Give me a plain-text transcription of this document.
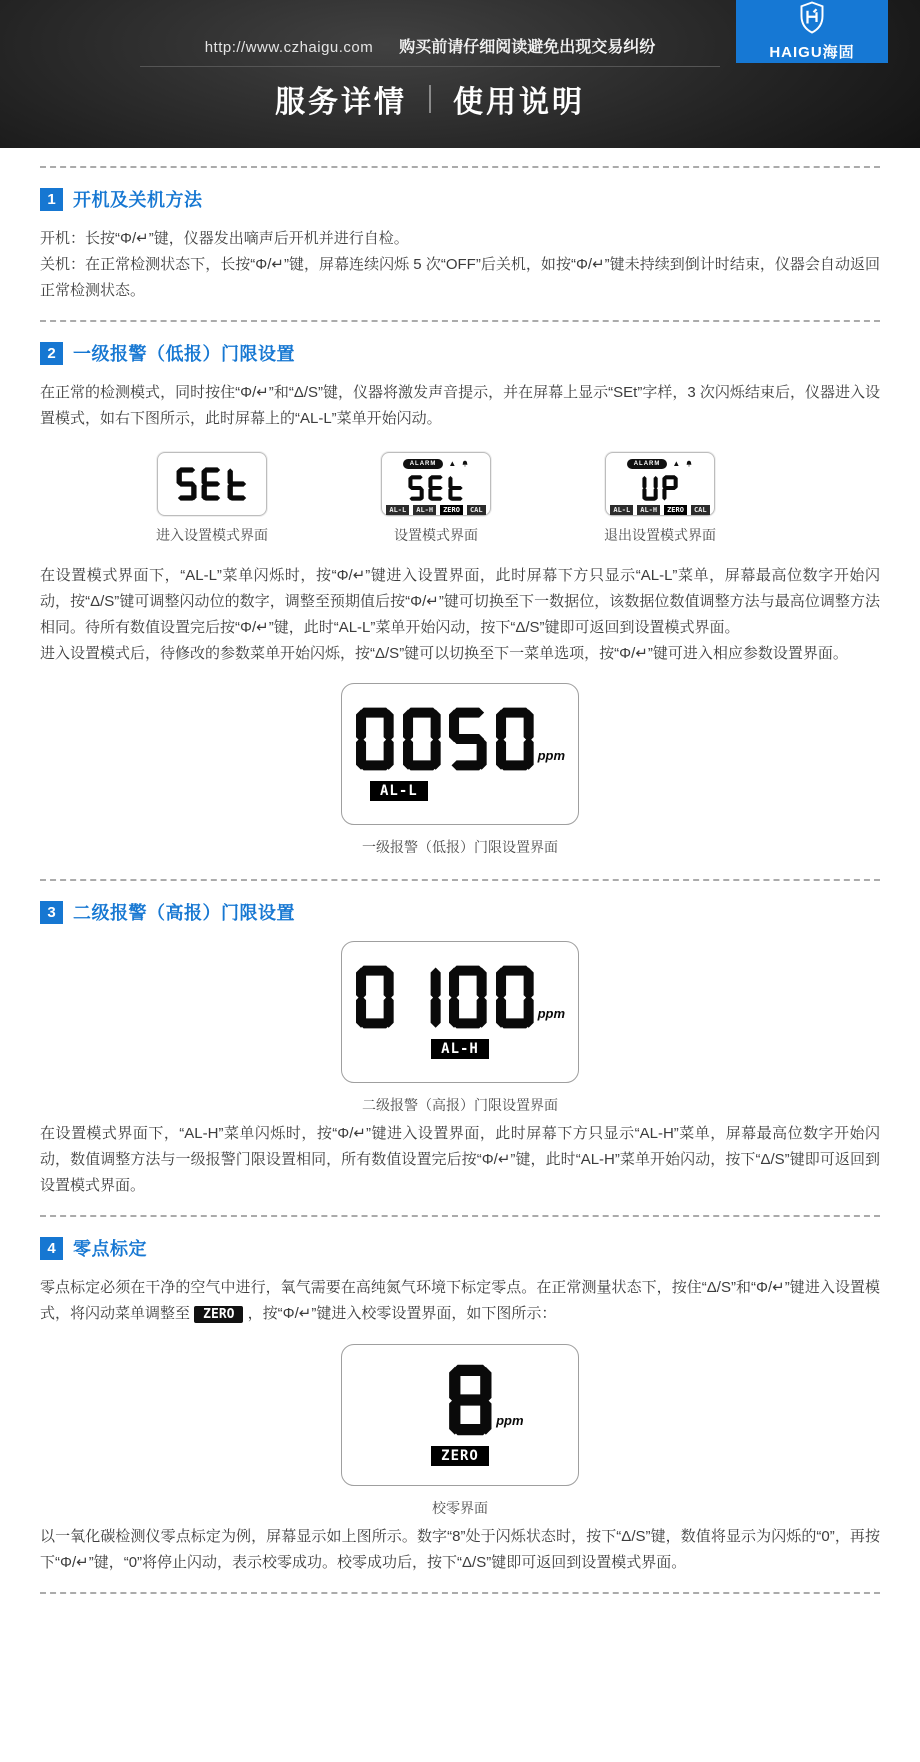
http://www.czhaigu.com 购买前请仔细阅读避免出现交易纠纷
服务详情 使用说明
HAIGU海固
1 开机及关机方法

开机：长按“Φ/↵”键，仪器发出嘀声后开机并进行自检。

关机：在正常检测状态下，长按“Φ/↵”键，屏幕连续闪烁 5 次“OFF”后关机，如按“Φ/↵”键未持续到倒计时结束，仪器会自动返回正常检测状态。

2 一级报警（低报）门限设置

在正常的检测模式，同时按住“Φ/↵”和“Δ/S”键，仪器将激发声音提示，并在屏幕上显示“SEt”字样，3 次闪烁结束后，仪器进入设置模式，如右下图所示，此时屏幕上的“AL-L”菜单开始闪动。

进入设置模式界面
ALARM	▲
AL-L	AL-H	ZERO	CAL
设置模式界面
ALARM	▲
AL-L	AL-H	ZERO	CAL
退出设置模式界面

在设置模式界面下，“AL-L”菜单闪烁时，按“Φ/↵”键进入设置界面，此时屏幕下方只显示“AL-L”菜单，屏幕最高位数字开始闪动，按“Δ/S”键可调整闪动位的数字，调整至预期值后按“Φ/↵”键可切换至下一数据位，该数据位数值调整方法与最高位调整方法相同。待所有数值设置完后按“Φ/↵”键，此时“AL-L”菜单开始闪动，按下“Δ/S”键即可返回到设置模式界面。

进入设置模式后，待修改的参数菜单开始闪烁，按“Δ/S”键可以切换至下一菜单选项，按“Φ/↵”键可进入相应参数设置界面。

ppm
AL-L
一级报警（低报）门限设置界面
3 二级报警（高报）门限设置
ppm
AL-H
二级报警（高报）门限设置界面

在设置模式界面下，“AL-H”菜单闪烁时，按“Φ/↵”键进入设置界面，此时屏幕下方只显示“AL-H”菜单，屏幕最高位数字开始闪动，数值调整方法与一级报警门限设置相同，所有数值设置完后按“Φ/↵”键，此时“AL-H”菜单开始闪动，按下“Δ/S”键即可返回到设置模式界面。

4 零点标定

零点标定必须在干净的空气中进行，氧气需要在高纯氮气环境下标定零点。在正常测量状态下，按住“Δ/S”和“Φ/↵”键进入设置模式，将闪动菜单调整至 ZERO ，按“Φ/↵”键进入校零设置界面，如下图所示：

ppm
ZERO
校零界面

以一氧化碳检测仪零点标定为例，屏幕显示如上图所示。数字“8”处于闪烁状态时，按下“Δ/S”键，数值将显示为闪烁的“0”，再按下“Φ/↵”键，“0”将停止闪动，表示校零成功。校零成功后，按下“Δ/S”键即可返回到设置模式界面。
